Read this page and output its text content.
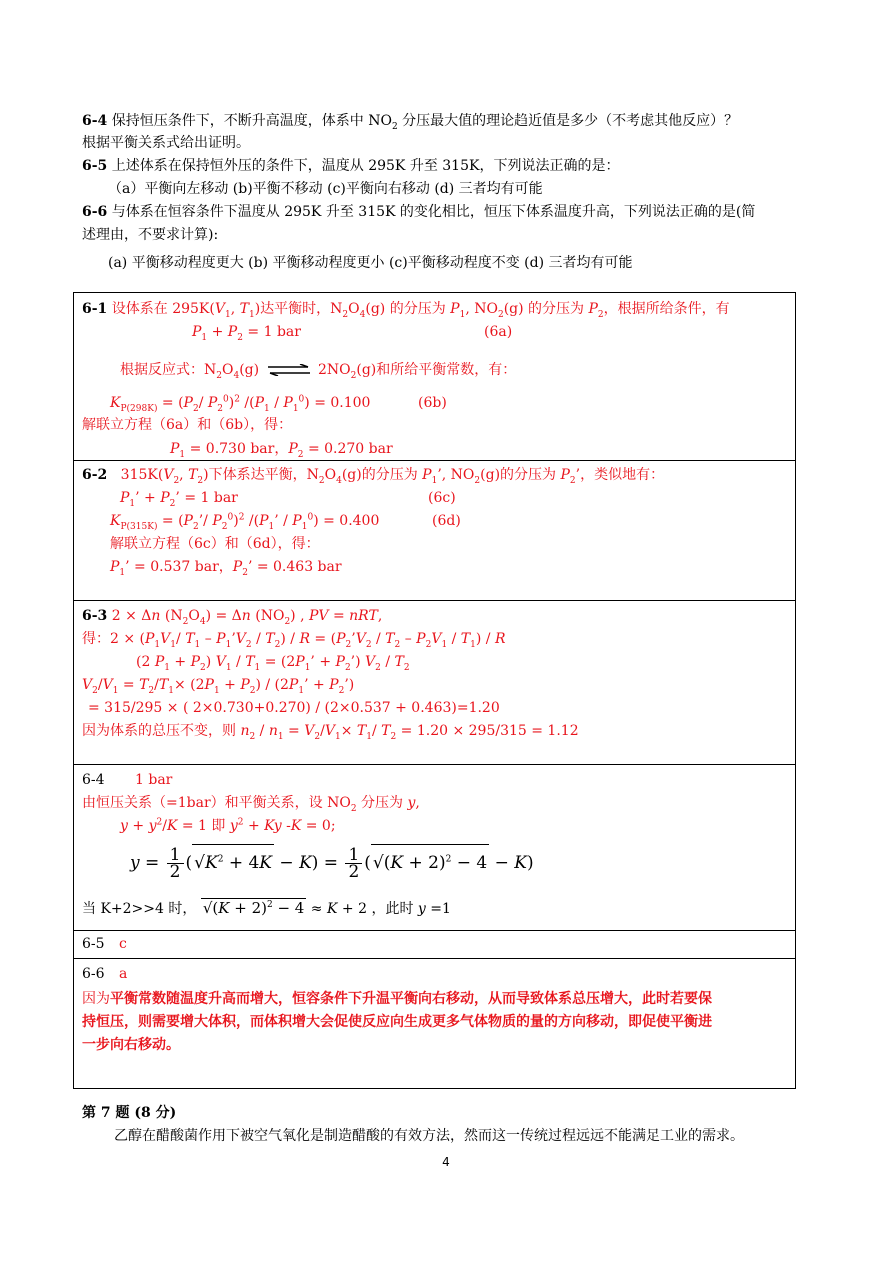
6-4 保持恒压条件下，不断升高温度，体系中 $NO_2$ 分压最大值的理论趋近值是多少（不考虑其他反应）？
根据平衡关系式给出证明。
6-5 上述体系在保持恒外压的条件下，温度从 295K 升至 315K，下列说法正确的是：
（a）平衡向左移动 (b)平衡不移动 (c)平衡向右移动 (d) 三者均有可能
6-6 与体系在恒容条件下温度从 295K 升至 315K 的变化相比，恒压下体系温度升高，下列说法正确的是(简
述理由，不要求计算):
(a) 平衡移动程度更大 (b) 平衡移动程度更小 (c)平衡移动程度不变 (d) 三者均有可能
6-1 设体系在 $295K(V_1$, $T_1$)达平衡时，$N_2O_4(g)$ 的分压为 $P_1$, $NO_2(g)$ 的分压为 $P_2$，根据所给条件，有
$P_1 + P_2 = 1$ bar	(6a)
根据反应式：$N_2O_4(g)$ ⇌ $2NO_2(g)$和所给平衡常数，有：
$K_{P(298K)} = (P_2/$ $P_2^0)^2$ $/(P_1 / P_1^0) = 0.100$	(6b)
解联立方程（6a）和（6b），得：
$P_1 = 0.730$ bar，$P_2 = 0.270$ bar
6-2 $315K(V_2$, $T_2$)下体系达平衡，$N_2O_4(g)$的分压为 $P_1$’, $NO_2(g)$的分压为 $P_2$’，类似地有：
$P_1$’ + $P_2$’ = 1 bar	(6c)
$K_{P(315K)}$ = ($P_2’/$ $P_2^0)^2$ $/(P_1$’ / $P_1^0) = 0.400$	(6d)
解联立方程（6c）和（6d），得：
$P_1$’ = 0.537 bar，$P_2$’ = 0.463 bar
6-3 2 × Δn $(N_2O_4) = \Delta n$ $(NO_2)$ , PV = nRT,
得：$2 \times (P_1V_1/$ $T_1$ – $P_1’V_2 / T_2$) / $R = (P_2’V_2 / T_2 - P_2V_1 / T_1) / R$
(2 $P_1 + P_2$) $V_1 / T_1 = (2P_1$’ + $P_2$’) $V_2 / T_2$
$V_2/V_1 = T_2/T_1\times (2P_1 + P_2) / (2P_1$’ + $P_2$’)
= 315/295 × ( 2×0.730+0.270) / (2×0.537 + 0.463)=1.20
因为体系的总压不变，则 $n_2 / n_1 = V_2/V_1\times T_1/$ $T_2 = 1.20 \times 295/315 = 1.12$
6-4 1 bar
由恒压关系（=1bar）和平衡关系，设 $NO_2$ 分压为 y,
$y + y^2/K = 1$ 即 $y^2 + Ky$ -K = 0;
$y = \frac{1}{2}$ ( $√K^2 + 4K - K) = \frac{1}{2}$ ( $√(K + 2)^2 - 4 - K$)
当 K+2>>4 时， $√(K + 2)^2 - 4 \approx K + 2$ ，此时 y =1
6-5 c
6-6 a
因为平衡常数随温度升高而增大，恒容条件下升温平衡向右移动，从而导致体系总压增大，此时若要保
持恒压，则需要增大体积，而体积增大会促使反应向生成更多气体物质的量的方向移动，即促使平衡进
一步向右移动。
第 7 题 (8 分)
乙醇在醋酸菌作用下被空气氧化是制造醋酸的有效方法，然而这一传统过程远远不能满足工业的需求。
4
